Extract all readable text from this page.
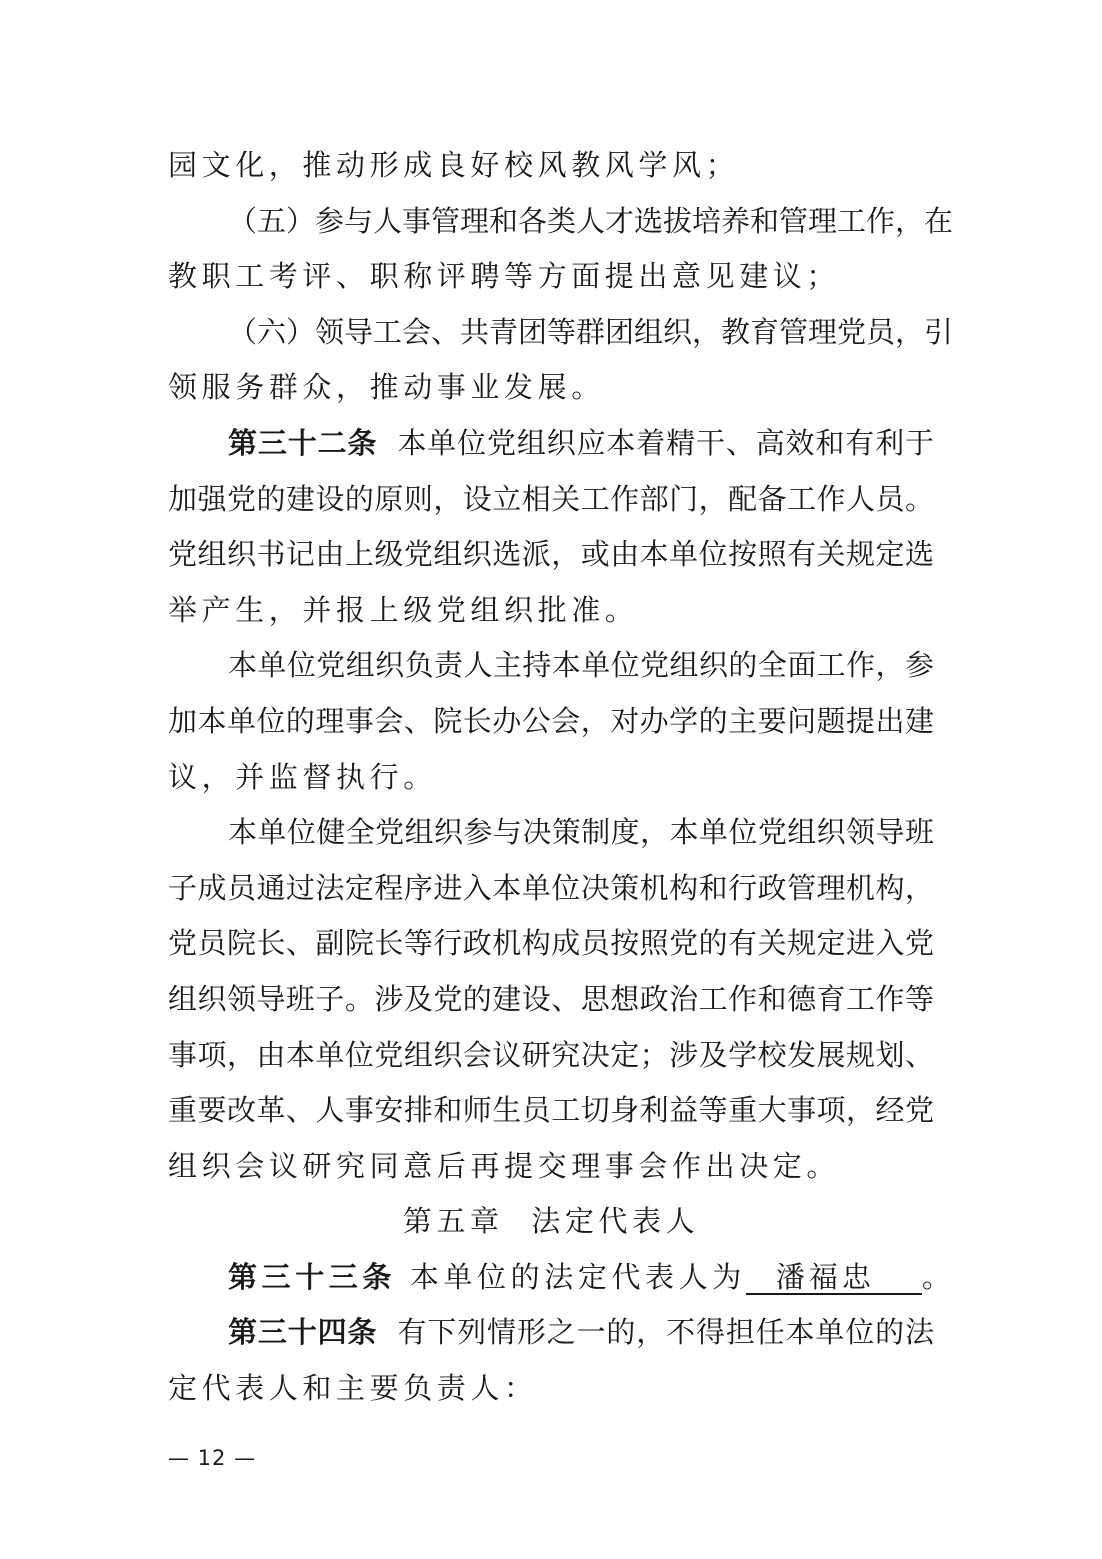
园文化，推动形成良好校风教风学风；
（五）参与人事管理和各类人才选拔培养和管理工作，在
教职工考评、职称评聘等方面提出意见建议；
（六）领导工会、共青团等群团组织，教育管理党员，引
领服务群众，推动事业发展。
第三十二条 本单位党组织应本着精干、高效和有利于
加强党的建设的原则，设立相关工作部门，配备工作人员。
党组织书记由上级党组织选派，或由本单位按照有关规定选
举产生，并报上级党组织批准。
本单位党组织负责人主持本单位党组织的全面工作，参
加本单位的理事会、院长办公会，对办学的主要问题提出建
议，并监督执行。
本单位健全党组织参与决策制度，本单位党组织领导班
子成员通过法定程序进入本单位决策机构和行政管理机构，
党员院长、副院长等行政机构成员按照党的有关规定进入党
组织领导班子。涉及党的建设、思想政治工作和德育工作等
事项，由本单位党组织会议研究决定；涉及学校发展规划、
重要改革、人事安排和师生员工切身利益等重大事项，经党
组织会议研究同意后再提交理事会作出决定。
第五章  法定代表人
第三十三条 本单位的法定代表人为 潘福忠 。
第三十四条 有下列情形之一的，不得担任本单位的法
定代表人和主要负责人：
— 12 —
